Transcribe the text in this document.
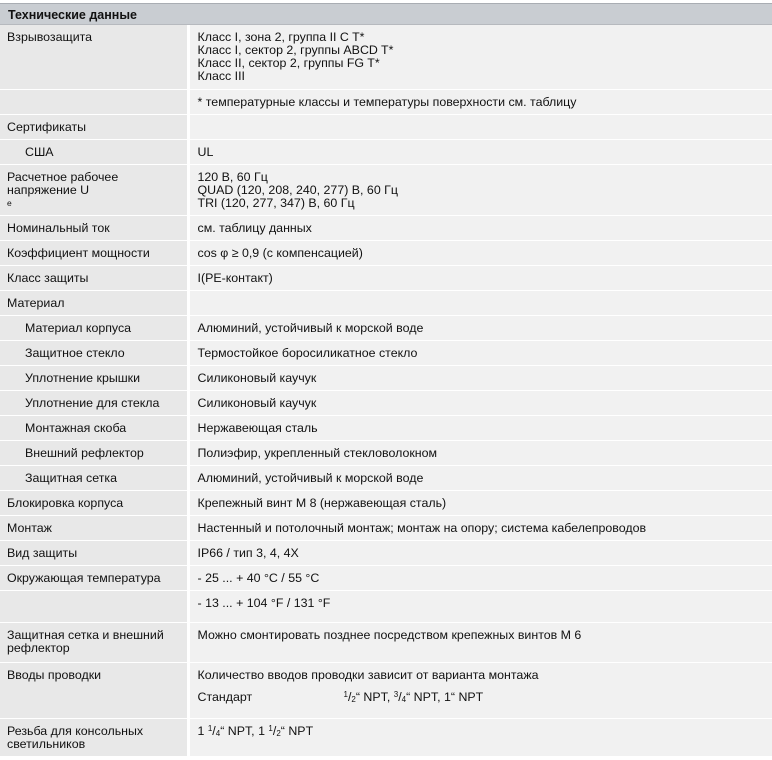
Технические данные
Взрывозащита	Класс I, зона 2, группа II C T*
Класс I, сектор 2, группы ABCD T*
Класс II, сектор 2, группы FG T*
Класс III

	* температурные классы и температуры поверхности см. таблицу
Сертификаты	
США	UL

Расчетное рабочее
напряжение U
e	120 В, 60 Гц
QUAD (120, 208, 240, 277) В, 60 Гц
TRI (120, 277, 347) В, 60 Гц

Номинальный ток	см. таблицу данных
Коэффициент мощности	cos φ ≥ 0,9 (с компенсацией)
Класс защиты	I(PE-контакт)
Материал	
Материал корпуса	Алюминий, устойчивый к морской воде
Защитное стекло	Термостойкое боросиликатное стекло
Уплотнение крышки	Силиконовый каучук
Уплотнение для стекла	Силиконовый каучук
Монтажная скоба	Нержавеющая сталь
Внешний рефлектор	Полиэфир, укрепленный стекловолокном
Защитная сетка	Алюминий, устойчивый к морской воде
Блокировка корпуса	Крепежный винт M 8 (нержавеющая сталь)
Монтаж	Настенный и потолочный монтаж; монтаж на опору; система кабелепроводов
Вид защиты	IP66 / тип 3, 4, 4X
Окружающая температура	- 25 ... + 40 °C / 55 °C
	- 13 ... + 104 °F / 131 °F

Защитная сетка и внешний
рефлектор	Можно смонтировать позднее посредством крепежных винтов M 6
Вводы проводки	Количество вводов проводки зависит от варианта монтажа
Стандарт $^1/_2“$ NPT, $^3/_4“$ NPT, 1“ NPT

Резьба для консольных
светильников	1 $^1/_4“$ NPT, 1 $^1/_2“$ NPT
